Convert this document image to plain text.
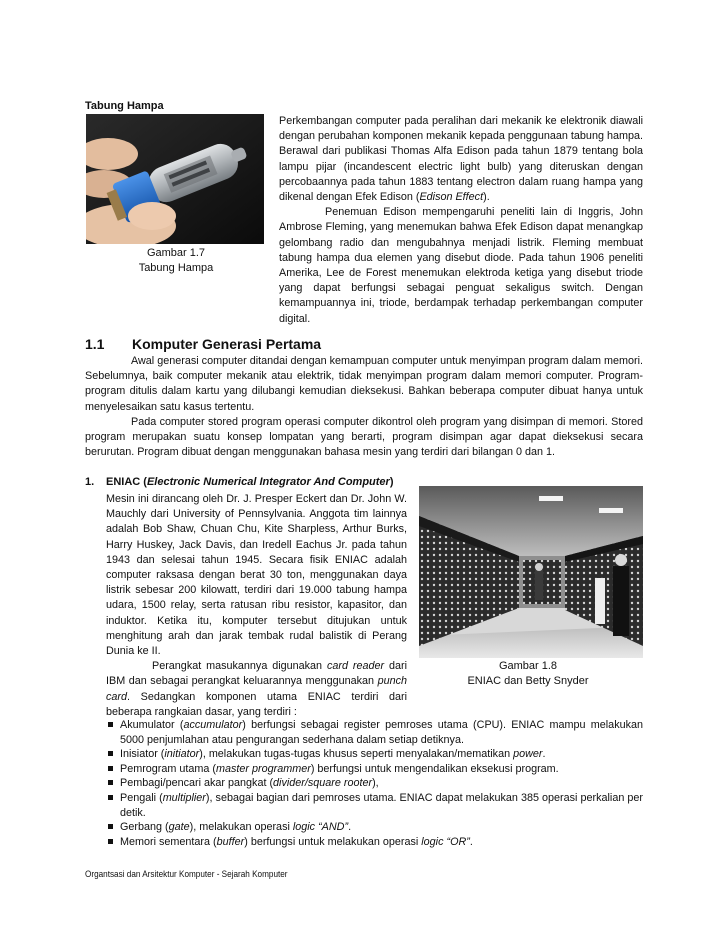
Tabung Hampa
Gambar 1.7
Tabung Hampa

Perkembangan computer pada peralihan dari mekanik ke elektronik diawali dengan perubahan komponen mekanik kepada penggunaan tabung hampa. Berawal dari publikasi Thomas Alfa Edison pada tahun 1879 tentang bola lampu pijar (incandescent electric light bulb) yang diteruskan dengan percobaannya pada tahun 1883 tentang electron dalam ruang hampa yang dikenal dengan Efek Edison (Edison Effect).

Penemuan Edison mempengaruhi peneliti lain di Inggris, John Ambrose Fleming, yang menemukan bahwa Efek Edison dapat menangkap gelombang radio dan mengubahnya menjadi listrik. Fleming membuat tabung hampa dua elemen yang disebut diode. Pada tahun 1906 peneliti Amerika, Lee de Forest menemukan elektroda ketiga yang disebut triode yang dapat berfungsi sebagai penguat sekaligus switch. Dengan kemampuannya ini, triode, berdampak terhadap perkembangan computer digital.

1.1 Komputer Generasi Pertama

Awal generasi computer ditandai dengan kemampuan computer untuk menyimpan program dalam memori. Sebelumnya, baik computer mekanik atau elektrik, tidak menyimpan program dalam memori computer. Program-program ditulis dalam kartu yang dilubangi kemudian dieksekusi. Bahkan beberapa computer dibuat hanya untuk menyelesaikan satu kasus tertentu.

Pada computer stored program operasi computer dikontrol oleh program yang disimpan di memori. Stored program merupakan suatu konsep lompatan yang berarti, program disimpan agar dapat dieksekusi secara berurutan. Program dibuat dengan menggunakan bahasa mesin yang terdiri dari bilangan 0 dan 1.

1. ENIAC (Electronic Numerical Integrator And Computer)

Mesin ini dirancang oleh Dr. J. Presper Eckert dan Dr. John W. Mauchly dari University of Pennsylvania. Anggota tim lainnya adalah Bob Shaw, Chuan Chu, Kite Sharpless, Arthur Burks, Harry Huskey, Jack Davis, dan Iredell Eachus Jr. pada tahun 1943 dan selesai tahun 1945. Secara fisik ENIAC adalah computer raksasa dengan berat 30 ton, menggunakan daya listrik sebesar 200 kilowatt, terdiri dari 19.000 tabung hampa udara, 1500 relay, serta ratusan ribu resistor, kapasitor, dan induktor. Ketika itu, komputer tersebut ditujukan untuk menghitung arah dan jarak tembak rudal balistik di Perang Dunia ke II.

Perangkat masukannya digunakan card reader dari IBM dan sebagai perangkat keluarannya menggunakan punch card. Sedangkan komponen utama ENIAC terdiri dari beberapa rangkaian dasar, yang terdiri :

Gambar 1.8
ENIAC dan Betty Snyder
Akumulator (accumulator) berfungsi sebagai register pemroses utama (CPU). ENIAC mampu melakukan 5000 penjumlahan atau pengurangan sederhana dalam setiap detiknya.
Inisiator (initiator), melakukan tugas-tugas khusus seperti menyalakan/mematikan power.
Pemrogram utama (master programmer) berfungsi untuk mengendalikan eksekusi program.
Pembagi/pencari akar pangkat (divider/square rooter),
Pengali (multiplier), sebagai bagian dari pemroses utama. ENIAC dapat melakukan 385 operasi perkalian per detik.
Gerbang (gate), melakukan operasi logic “AND”.
Memori sementara (buffer) berfungsi untuk melakukan operasi logic “OR”.
Organtsasi dan Arsitektur Komputer - Sejarah Komputer
